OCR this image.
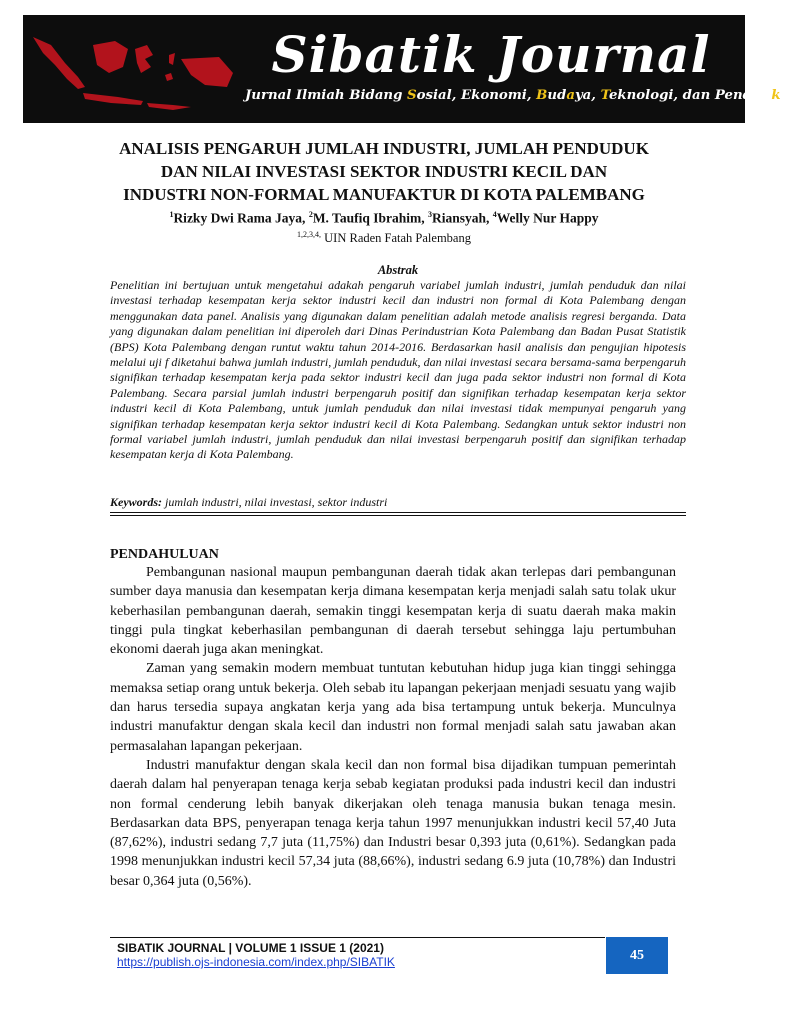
Sibatik Journal
Jurnal Ilmiah Bidang Sosial, Ekonomi, Budaya, Teknologi, dan Pendidikan
ANALISIS PENGARUH JUMLAH INDUSTRI, JUMLAH PENDUDUK
DAN NILAI INVESTASI SEKTOR INDUSTRI KECIL DAN
INDUSTRI NON-FORMAL MANUFAKTUR DI KOTA PALEMBANG
$^1$Rizky Dwi Rama Jaya, $^2$M. Taufiq Ibrahim, $^3$Riansyah, $^4$Welly Nur Happy
$^{1,2,3,4,}$ UIN Raden Fatah Palembang
Abstrak
Penelitian ini bertujuan untuk mengetahui adakah pengaruh variabel jumlah industri, jumlah penduduk dan nilai investasi terhadap kesempatan kerja sektor industri kecil dan industri non formal di Kota Palembang dengan menggunakan data panel. Analisis yang digunakan dalam penelitian adalah metode analisis regresi berganda. Data yang digunakan dalam penelitian ini diperoleh dari Dinas Perindustrian Kota Palembang dan Badan Pusat Statistik (BPS) Kota Palembang dengan runtut waktu tahun 2014-2016. Berdasarkan hasil analisis dan pengujian hipotesis melalui uji f diketahui bahwa jumlah industri, jumlah penduduk, dan nilai investasi secara bersama-sama berpengaruh signifikan terhadap kesempatan kerja pada sektor industri kecil dan juga pada sektor industri non formal di Kota Palembang. Secara parsial jumlah industri berpengaruh positif dan signifikan terhadap kesempatan kerja sektor industri kecil di Kota Palembang, untuk jumlah penduduk dan nilai investasi tidak mempunyai pengaruh yang signifikan terhadap kesempatan kerja sektor industri kecil di Kota Palembang. Sedangkan untuk sektor industri non formal variabel jumlah industri, jumlah penduduk dan nilai investasi berpengaruh positif dan signifikan terhadap kesempatan kerja di Kota Palembang.
Keywords: jumlah industri, nilai investasi, sektor industri
PENDAHULUAN

Pembangunan nasional maupun pembangunan daerah tidak akan terlepas dari pembangunan sumber daya manusia dan kesempatan kerja dimana kesempatan kerja menjadi salah satu tolak ukur keberhasilan pembangunan daerah, semakin tinggi kesempatan kerja di suatu daerah maka makin tinggi pula tingkat keberhasilan pembangunan di daerah tersebut sehingga laju pertumbuhan ekonomi daerah juga akan meningkat.

Zaman yang semakin modern membuat tuntutan kebutuhan hidup juga kian tinggi sehingga memaksa setiap orang untuk bekerja. Oleh sebab itu lapangan pekerjaan menjadi sesuatu yang wajib dan harus tersedia supaya angkatan kerja yang ada bisa tertampung untuk bekerja. Munculnya industri manufaktur dengan skala kecil dan industri non formal menjadi salah satu jawaban akan permasalahan lapangan pekerjaan.

Industri manufaktur dengan skala kecil dan non formal bisa dijadikan tumpuan pemerintah daerah dalam hal penyerapan tenaga kerja sebab kegiatan produksi pada industri kecil dan industri non formal cenderung lebih banyak dikerjakan oleh tenaga manusia bukan tenaga mesin. Berdasarkan data BPS, penyerapan tenaga kerja tahun 1997 menunjukkan industri kecil 57,40 Juta (87,62%), industri sedang 7,7 juta (11,75%) dan Industri besar 0,393 juta (0,61%). Sedangkan pada 1998 menunjukkan industri kecil 57,34 juta (88,66%), industri sedang 6.9 juta (10,78%) dan Industri besar 0,364 juta (0,56%).

SIBATIK JOURNAL | VOLUME 1 ISSUE 1 (2021)
https://publish.ojs-indonesia.com/index.php/SIBATIK	45
